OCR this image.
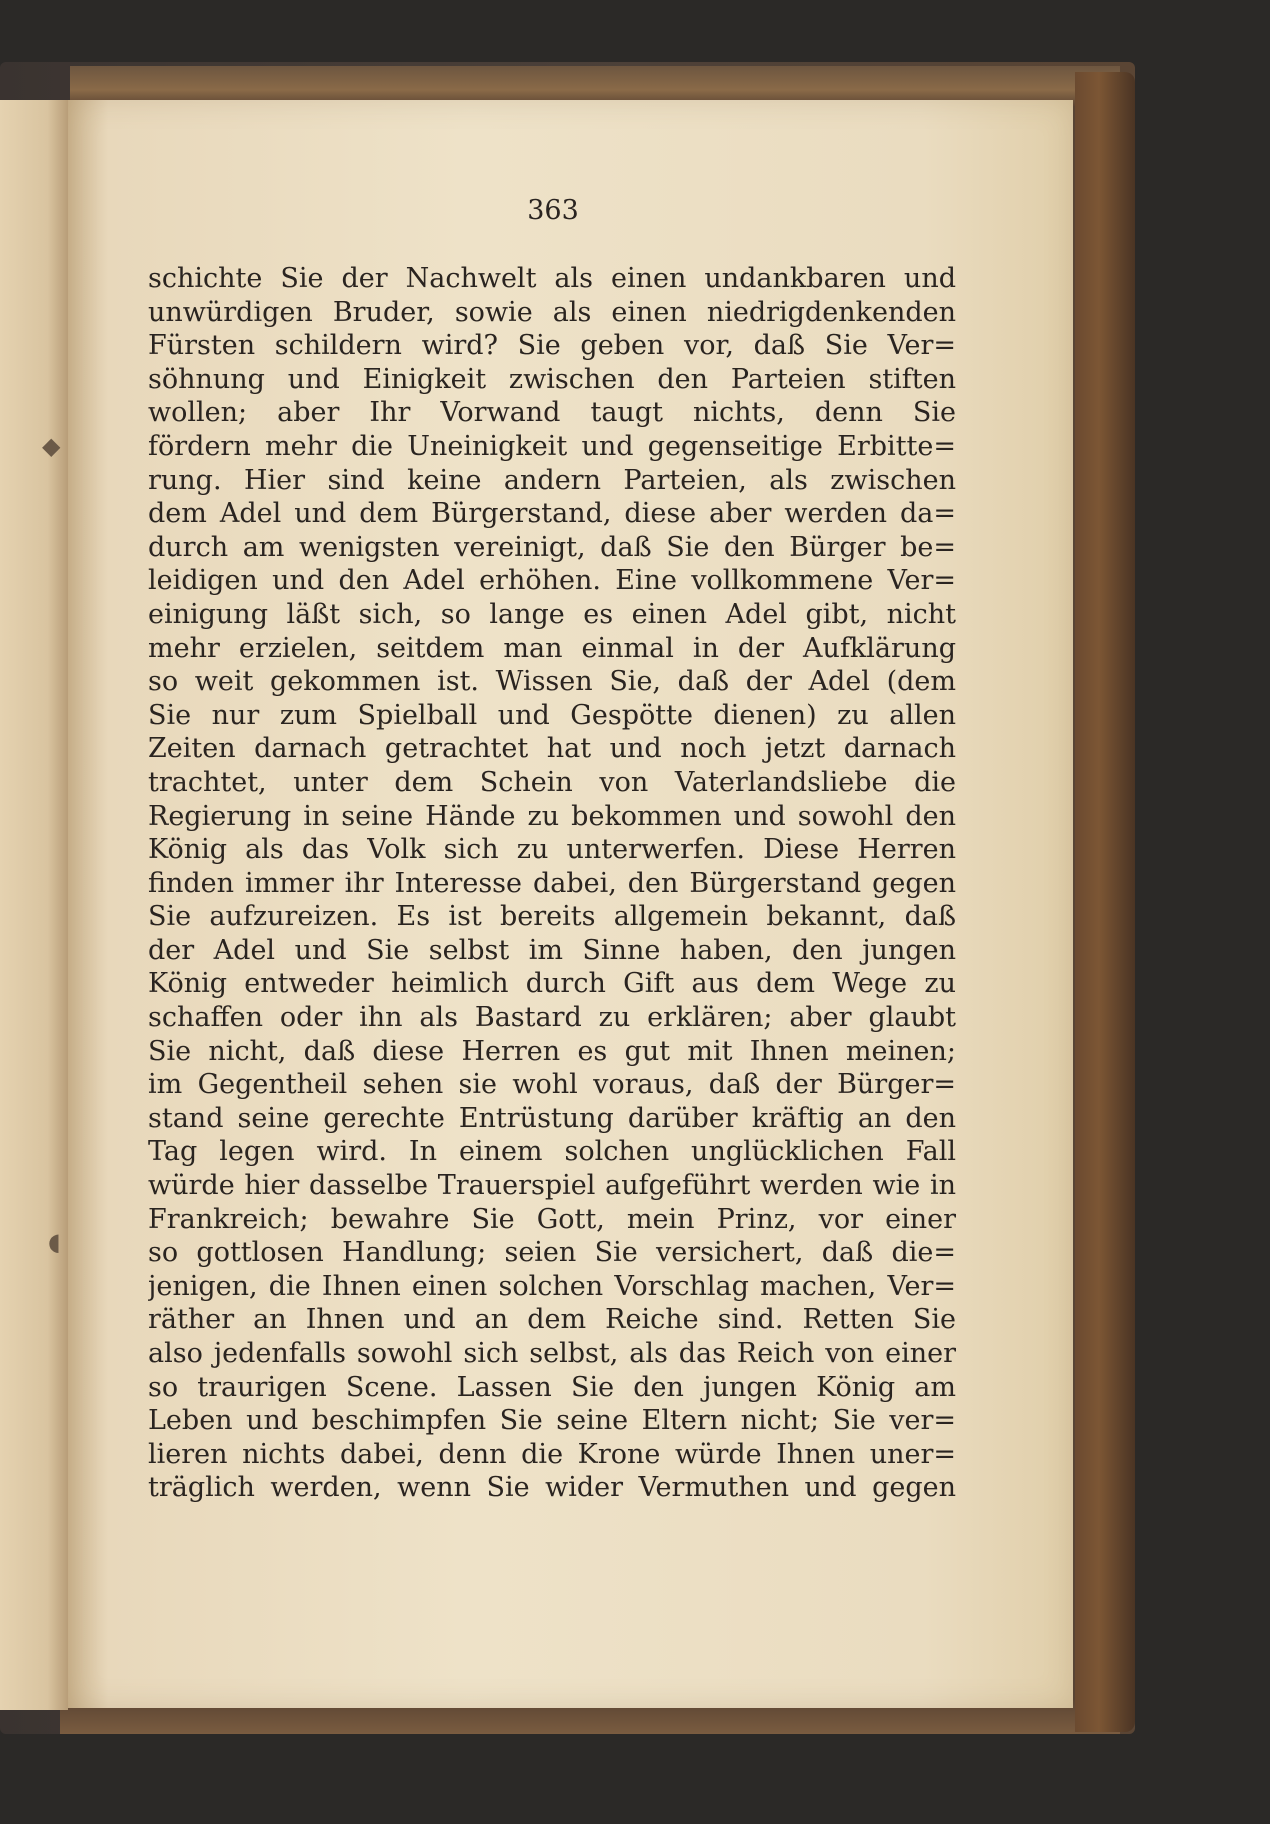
◆
◖
363
schichte Sie der Nachwelt als einen undankbaren und
unwürdigen Bruder, sowie als einen niedrigdenkenden
Fürsten schildern wird? Sie geben vor, daß Sie Ver=
söhnung und Einigkeit zwischen den Parteien stiften
wollen; aber Ihr Vorwand taugt nichts, denn Sie
fördern mehr die Uneinigkeit und gegenseitige Erbitte=
rung. Hier sind keine andern Parteien, als zwischen
dem Adel und dem Bürgerstand, diese aber werden da=
durch am wenigsten vereinigt, daß Sie den Bürger be=
leidigen und den Adel erhöhen. Eine vollkommene Ver=
einigung läßt sich, so lange es einen Adel gibt, nicht
mehr erzielen, seitdem man einmal in der Aufklärung
so weit gekommen ist. Wissen Sie, daß der Adel (dem
Sie nur zum Spielball und Gespötte dienen) zu allen
Zeiten darnach getrachtet hat und noch jetzt darnach
trachtet, unter dem Schein von Vaterlandsliebe die
Regierung in seine Hände zu bekommen und sowohl den
König als das Volk sich zu unterwerfen. Diese Herren
finden immer ihr Interesse dabei, den Bürgerstand gegen
Sie aufzureizen. Es ist bereits allgemein bekannt, daß
der Adel und Sie selbst im Sinne haben, den jungen
König entweder heimlich durch Gift aus dem Wege zu
schaffen oder ihn als Bastard zu erklären; aber glaubt
Sie nicht, daß diese Herren es gut mit Ihnen meinen;
im Gegentheil sehen sie wohl voraus, daß der Bürger=
stand seine gerechte Entrüstung darüber kräftig an den
Tag legen wird. In einem solchen unglücklichen Fall
würde hier dasselbe Trauerspiel aufgeführt werden wie in
Frankreich; bewahre Sie Gott, mein Prinz, vor einer
so gottlosen Handlung; seien Sie versichert, daß die=
jenigen, die Ihnen einen solchen Vorschlag machen, Ver=
räther an Ihnen und an dem Reiche sind. Retten Sie
also jedenfalls sowohl sich selbst, als das Reich von einer
so traurigen Scene. Lassen Sie den jungen König am
Leben und beschimpfen Sie seine Eltern nicht; Sie ver=
lieren nichts dabei, denn die Krone würde Ihnen uner=
träglich werden, wenn Sie wider Vermuthen und gegen
